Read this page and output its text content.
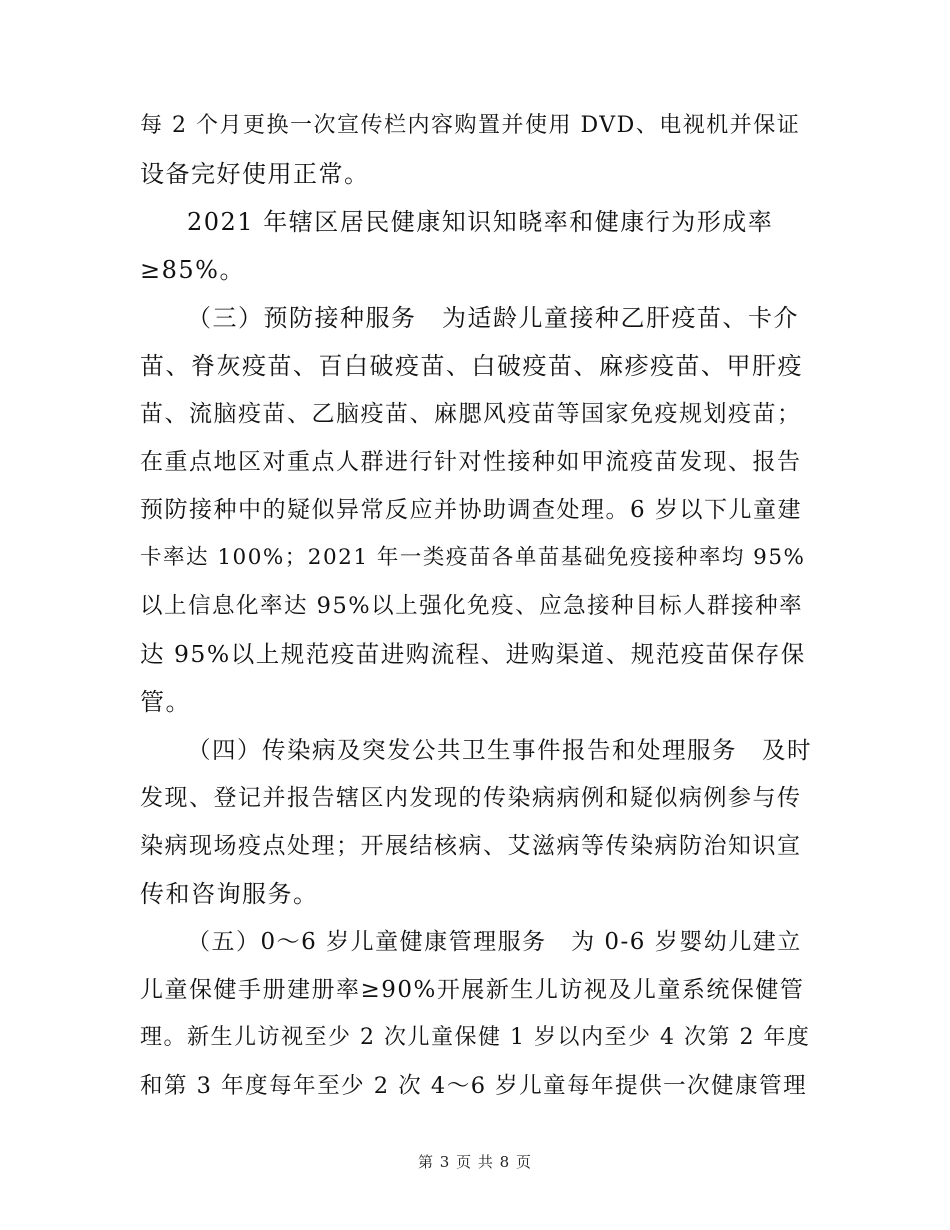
每 2 个月更换一次宣传栏内容购置并使用 DVD、电视机并保证
设备完好使用正常。
2021 年辖区居民健康知识知晓率和健康行为形成率
≥85%。
（三）预防接种服务　为适龄儿童接种乙肝疫苗、卡介
苗、脊灰疫苗、百白破疫苗、白破疫苗、麻疹疫苗、甲肝疫
苗、流脑疫苗、乙脑疫苗、麻腮风疫苗等国家免疫规划疫苗；
在重点地区对重点人群进行针对性接种如甲流疫苗发现、报告
预防接种中的疑似异常反应并协助调查处理。6 岁以下儿童建
卡率达 100%；2021 年一类疫苗各单苗基础免疫接种率均 95%
以上信息化率达 95%以上强化免疫、应急接种目标人群接种率
达 95%以上规范疫苗进购流程、进购渠道、规范疫苗保存保
管。
（四）传染病及突发公共卫生事件报告和处理服务　及时
发现、登记并报告辖区内发现的传染病病例和疑似病例参与传
染病现场疫点处理；开展结核病、艾滋病等传染病防治知识宣
传和咨询服务。
（五）0～6 岁儿童健康管理服务　为 0-6 岁婴幼儿建立
儿童保健手册建册率≥90%开展新生儿访视及儿童系统保健管
理。新生儿访视至少 2 次儿童保健 1 岁以内至少 4 次第 2 年度
和第 3 年度每年至少 2 次 4～6 岁儿童每年提供一次健康管理
第 3 页 共 8 页
